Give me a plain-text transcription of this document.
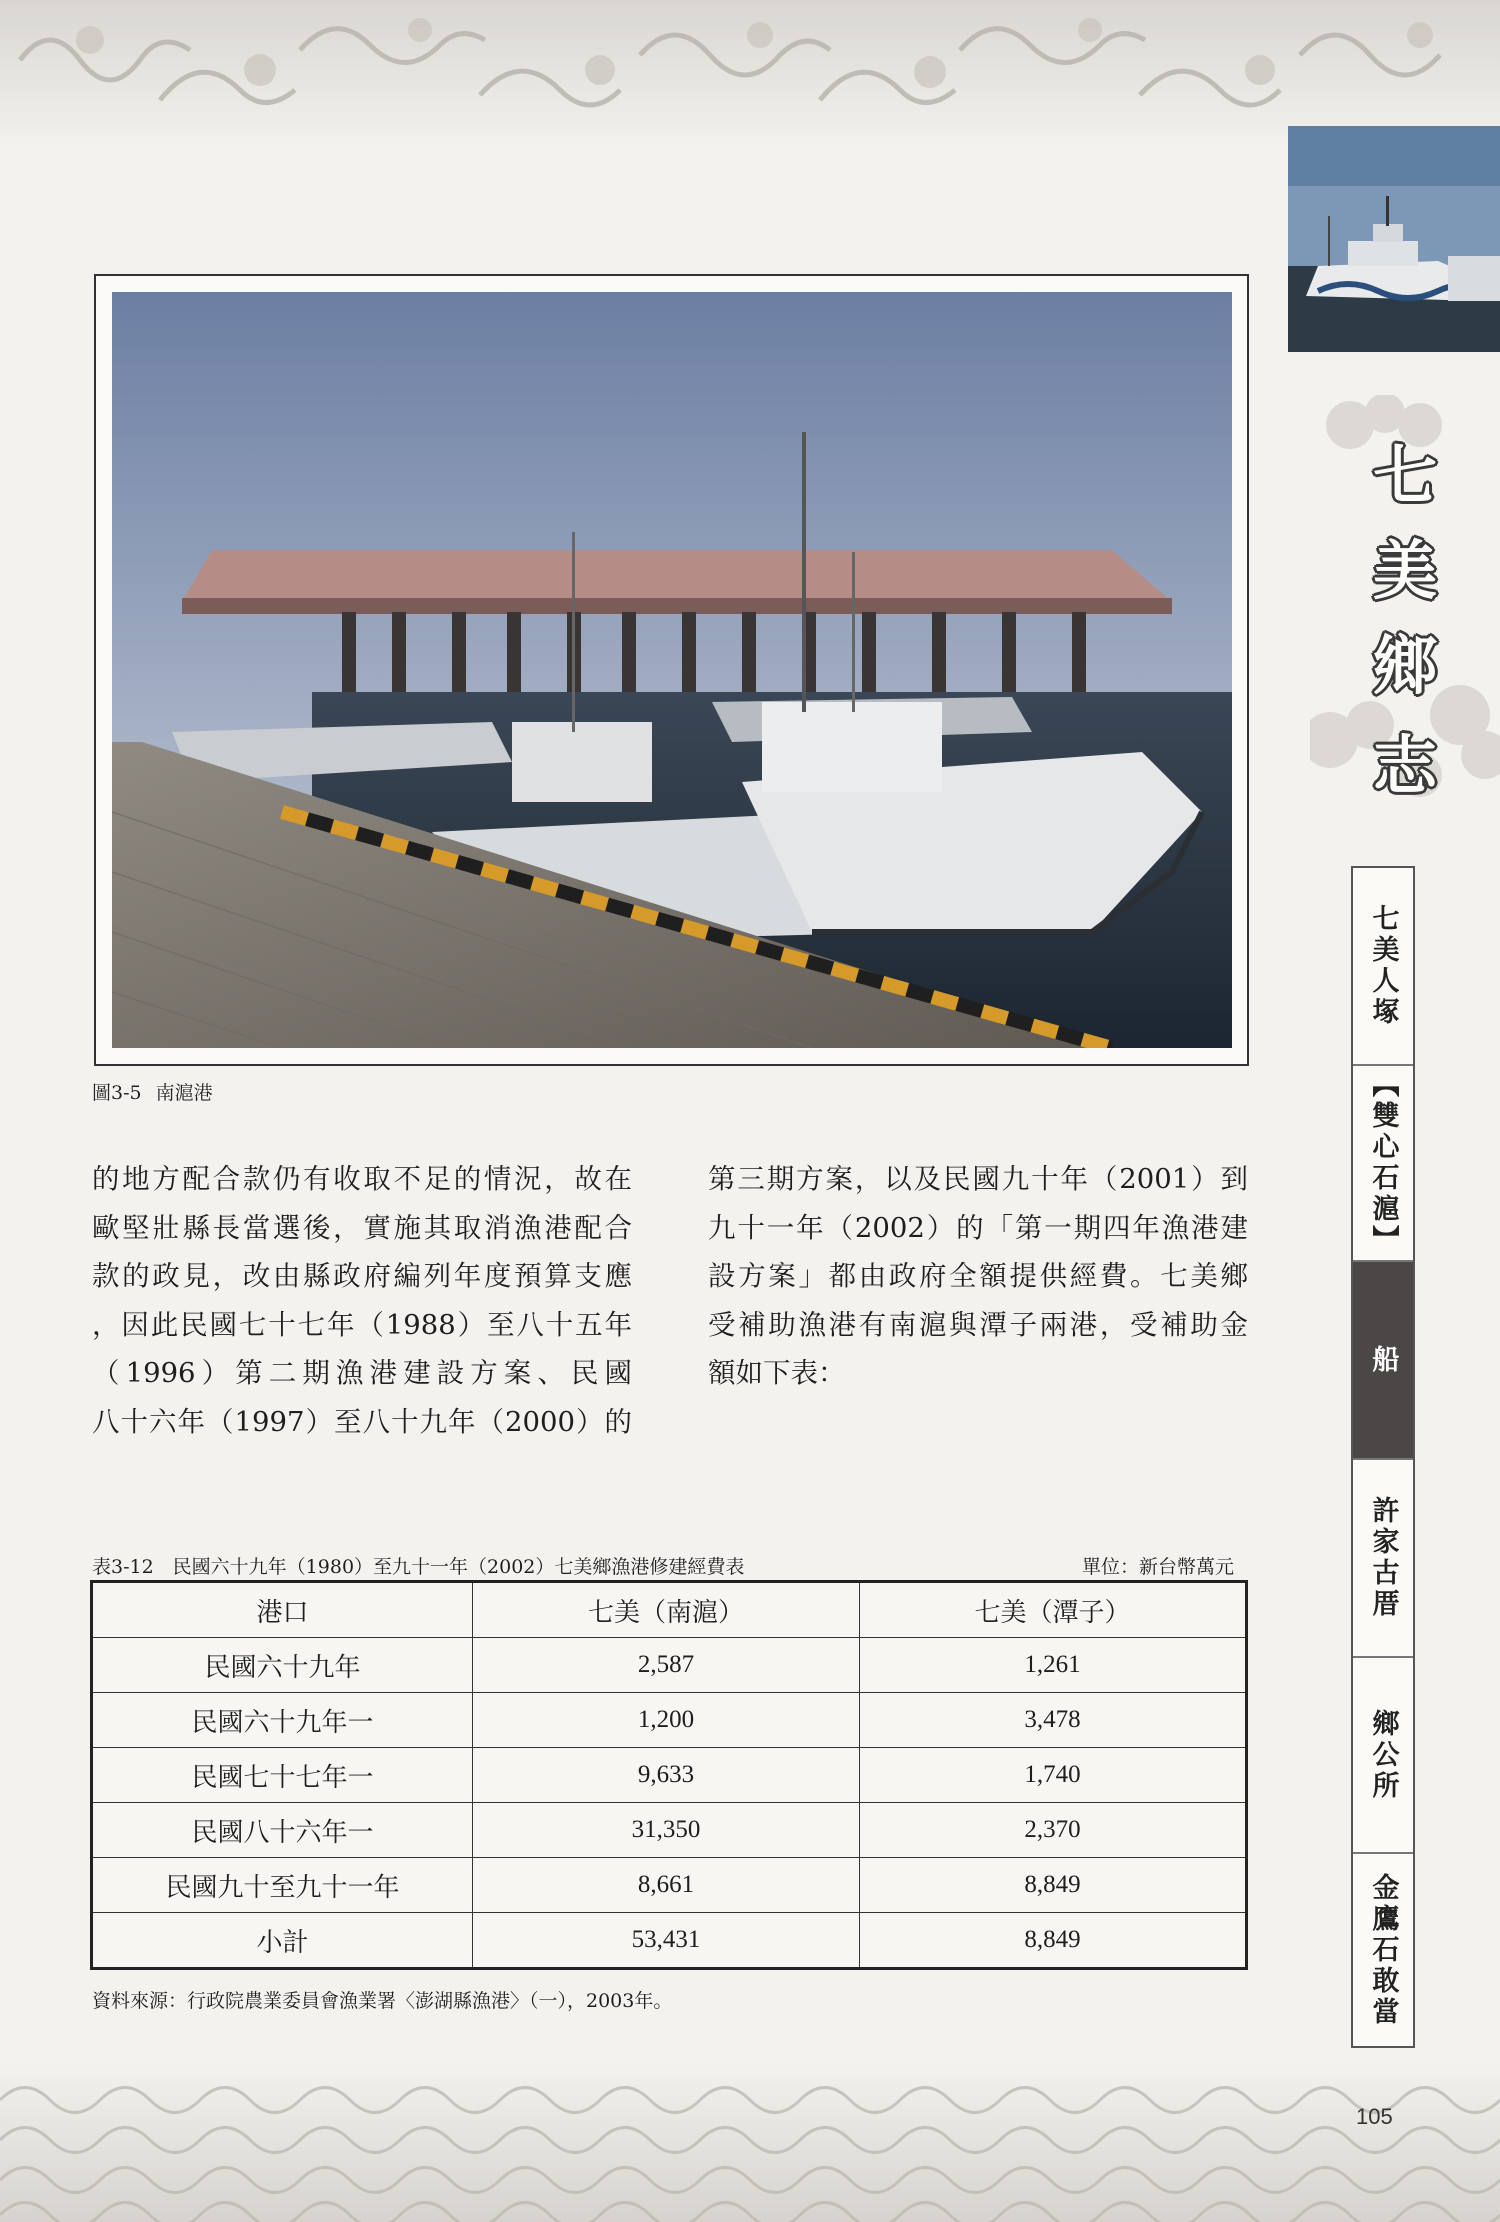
七
美
鄉
志
七美人塚
【雙心石滬】
船
許家古厝
鄉公所
金鷹石敢當
圖3-5 南滬港
的地方配合款仍有收取不足的情況，故在
歐堅壯縣長當選後，實施其取消漁港配合
款的政見，改由縣政府編列年度預算支應
，因此民國七十七年（1988）至八十五年
（1996）第二期漁港建設方案、民國
八十六年（1997）至八十九年（2000）的
第三期方案，以及民國九十年（2001）到
九十一年（2002）的「第一期四年漁港建
設方案」都由政府全額提供經費。七美鄉
受補助漁港有南滬與潭子兩港，受補助金
額如下表：
表3-12　民國六十九年（1980）至九十一年（2002）七美鄉漁港修建經費表	單位：新台幣萬元
港口	七美（南滬）	七美（潭子）
民國六十九年	2,587	1,261
民國六十九年一	1,200	3,478
民國七十七年一	9,633	1,740
民國八十六年一	31,350	2,370
民國九十至九十一年	8,661	8,849
小計	53,431	8,849
資料來源：行政院農業委員會漁業署〈澎湖縣漁港〉（一），2003年。
105
